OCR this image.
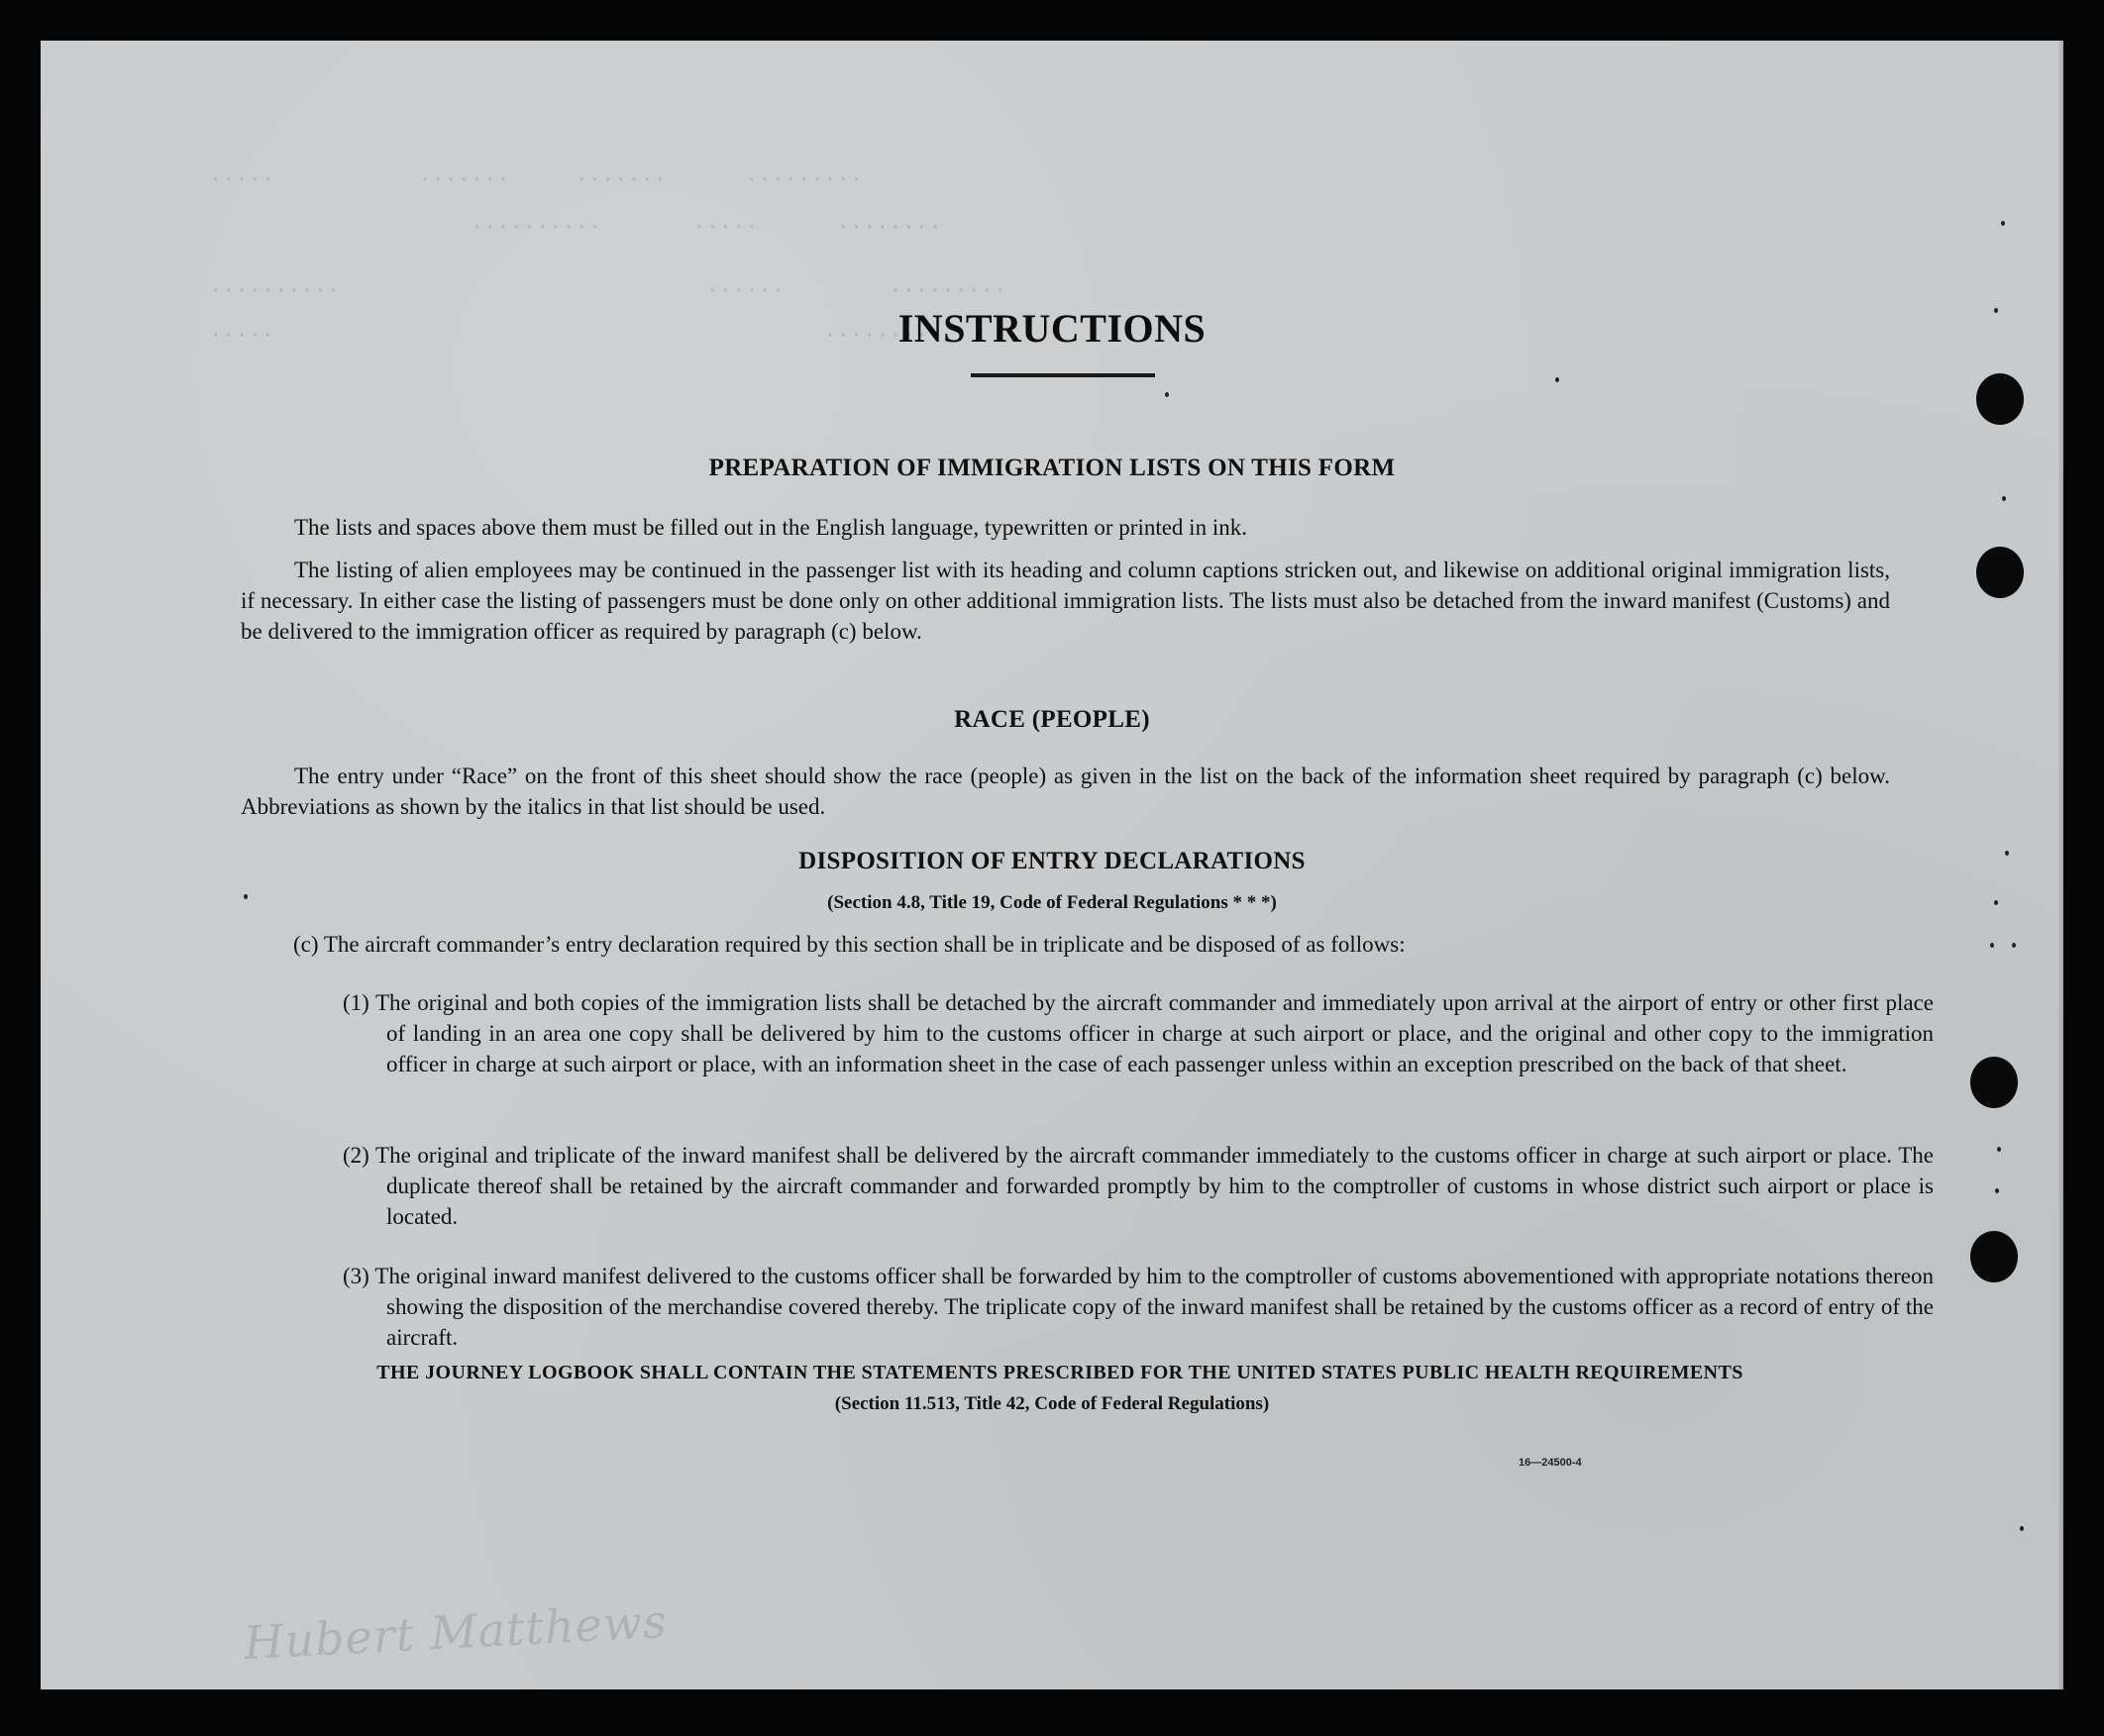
·····           ·······     ·······      ·········
··········       ·····      ········
··········                            ······        ·········
·····                                          ········
INSTRUCTIONS
PREPARATION OF IMMIGRATION LISTS ON THIS FORM
The lists and spaces above them must be filled out in the English language, typewritten or printed in ink.
The listing of alien employees may be continued in the passenger list with its heading and column captions stricken out, and likewise on additional original immigration lists, if necessary. In either case the listing of passengers must be done only on other additional immigration lists. The lists must also be detached from the inward manifest (Customs) and be delivered to the immigration officer as required by paragraph (c) below.
RACE (PEOPLE)
The entry under “Race” on the front of this sheet should show the race (people) as given in the list on the back of the information sheet required by paragraph (c) below. Abbreviations as shown by the italics in that list should be used.
DISPOSITION OF ENTRY DECLARATIONS
(Section 4.8, Title 19, Code of Federal Regulations * * *)
(c) The aircraft commander’s entry declaration required by this section shall be in triplicate and be disposed of as follows:
(1) The original and both copies of the immigration lists shall be detached by the aircraft commander and immediately upon arrival at the airport of entry or other first place of landing in an area one copy shall be delivered by him to the customs officer in charge at such airport or place, and the original and other copy to the immigration officer in charge at such airport or place, with an information sheet in the case of each passenger unless within an exception prescribed on the back of that sheet.
(2) The original and triplicate of the inward manifest shall be delivered by the aircraft commander immediately to the customs officer in charge at such airport or place. The duplicate thereof shall be retained by the aircraft commander and forwarded promptly by him to the comptroller of customs in whose district such airport or place is located.
(3) The original inward manifest delivered to the customs officer shall be forwarded by him to the comptroller of customs abovementioned with appropriate notations thereon showing the disposition of the merchandise covered thereby. The triplicate copy of the inward manifest shall be retained by the customs officer as a record of entry of the aircraft.
THE JOURNEY LOGBOOK SHALL CONTAIN THE STATEMENTS PRESCRIBED FOR THE UNITED STATES PUBLIC HEALTH REQUIREMENTS
(Section 11.513, Title 42, Code of Federal Regulations)
16—24500-4
Hubert Matthews
